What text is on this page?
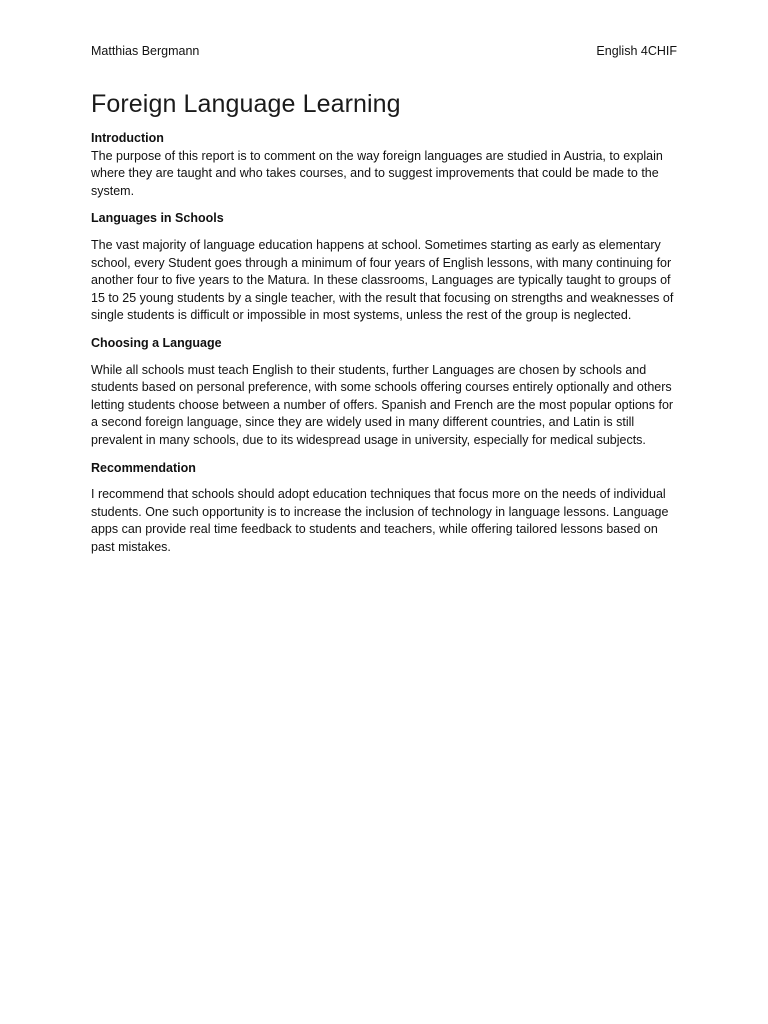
Matthias Bergmann	English 4CHIF
Foreign Language Learning

Introduction

The purpose of this report is to comment on the way foreign languages are studied in Austria, to explain where they are taught and who takes courses, and to suggest improvements that could be made to the system.

Languages in Schools

The vast majority of language education happens at school. Sometimes starting as early as elementary school, every Student goes through a minimum of four years of English lessons, with many continuing for another four to five years to the Matura. In these classrooms, Languages are typically taught to groups of 15 to 25 young students by a single teacher, with the result that focusing on strengths and weaknesses of single students is difficult or impossible in most systems, unless the rest of the group is neglected.

Choosing a Language

While all schools must teach English to their students, further Languages are chosen by schools and students based on personal preference, with some schools offering courses entirely optionally and others letting students choose between a number of offers. Spanish and French are the most popular options for a second foreign language, since they are widely used in many different countries, and Latin is still prevalent in many schools, due to its widespread usage in university, especially for medical subjects.

Recommendation

I recommend that schools should adopt education techniques that focus more on the needs of individual students. One such opportunity is to increase the inclusion of technology in language lessons. Language apps can provide real time feedback to students and teachers, while offering tailored lessons based on past mistakes.
